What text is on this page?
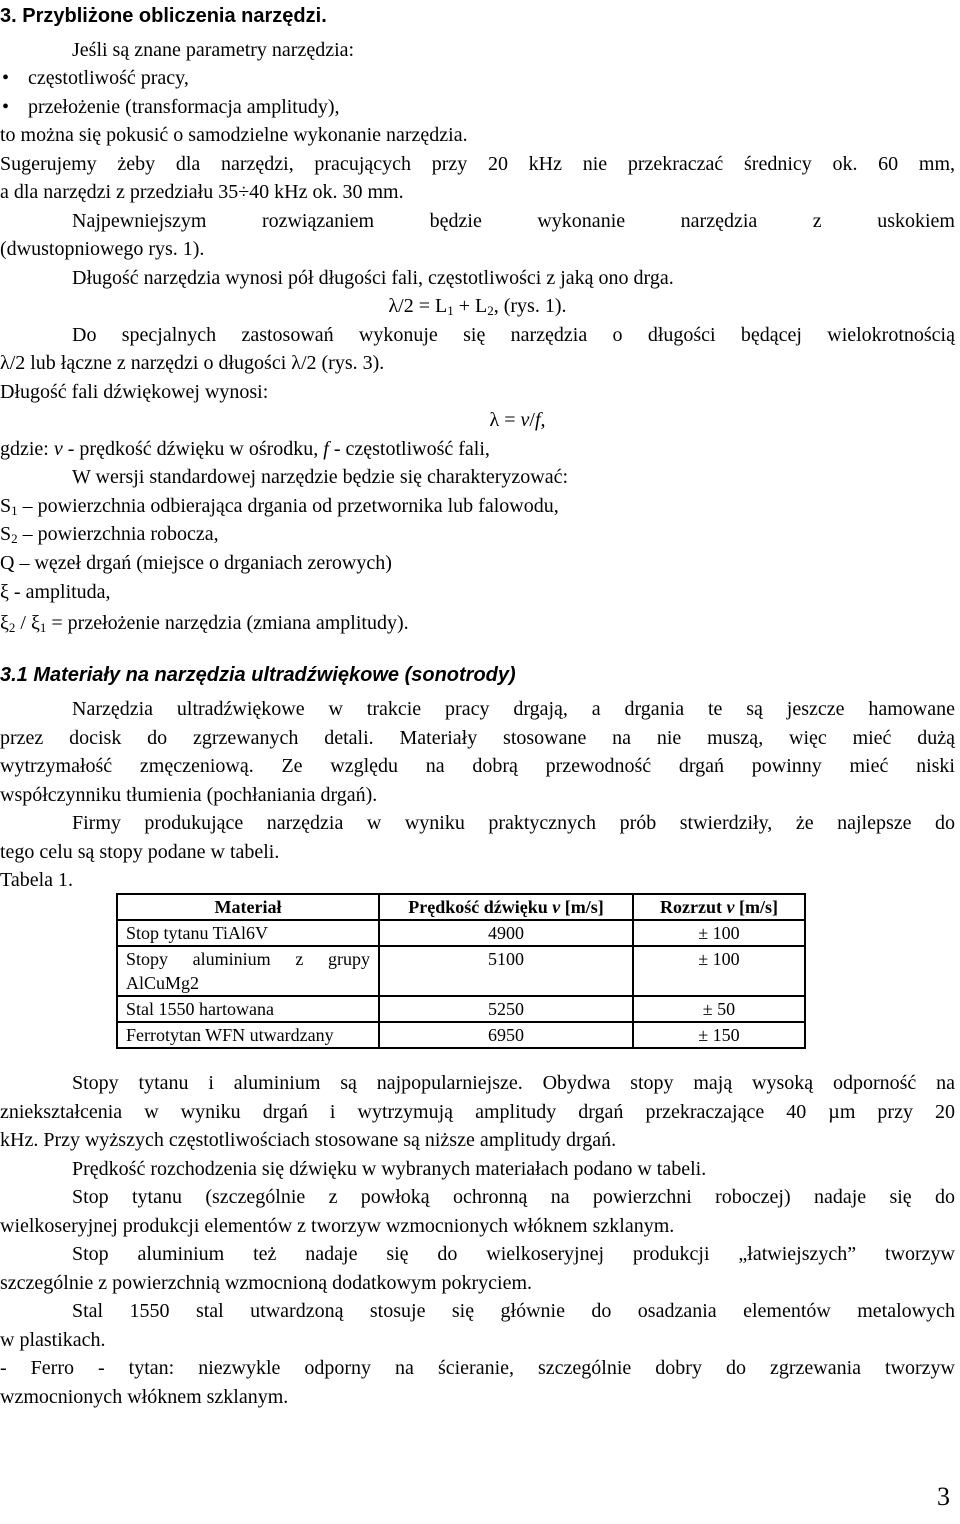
3. Przybliżone obliczenia narzędzi.
Jeśli są znane parametry narzędzia:
• częstotliwość pracy,
• przełożenie (transformacja amplitudy),
to można się pokusić o samodzielne wykonanie narzędzia.
Sugerujemy żeby dla narzędzi, pracujących przy 20 kHz nie przekraczać średnicy ok. 60 mm,
a dla narzędzi z przedziału 35÷40 kHz ok. 30 mm.
Najpewniejszym rozwiązaniem będzie wykonanie narzędzia z uskokiem
(dwustopniowego rys. 1).
Długość narzędzia wynosi pół długości fali, częstotliwości z jaką ono drga.
$\lambda/2 = L_1 + L_2$, (rys. 1).
Do specjalnych zastosowań wykonuje się narzędzia o długości będącej wielokrotnością
λ/2 lub łączne z narzędzi o długości λ/2 (rys. 3).
Długość fali dźwiękowej wynosi:
λ = v/f,
gdzie: v - prędkość dźwięku w ośrodku, f - częstotliwość fali,
W wersji standardowej narzędzie będzie się charakteryzować:
$S_1$ – powierzchnia odbierająca drgania od przetwornika lub falowodu,
$S_2$ – powierzchnia robocza,
Q – węzeł drgań (miejsce o drganiach zerowych)
ξ - amplituda,
$\xi_2 / \xi_1$ = przełożenie narzędzia (zmiana amplitudy).
3.1 Materiały na narzędzia ultradźwiękowe (sonotrody)
Narzędzia ultradźwiękowe w trakcie pracy drgają, a drgania te są jeszcze hamowane
przez docisk do zgrzewanych detali. Materiały stosowane na nie muszą, więc mieć dużą
wytrzymałość zmęczeniową. Ze względu na dobrą przewodność drgań powinny mieć niski
współczynniku tłumienia (pochłaniania drgań).
Firmy produkujące narzędzia w wyniku praktycznych prób stwierdziły, że najlepsze do
tego celu są stopy podane w tabeli.
Tabela 1.
Materiał	Prędkość dźwięku v [m/s]	Rozrzut v [m/s]
Stop tytanu TiAl6V	4900	± 100
Stopy aluminium z grupy AlCuMg2	5100	± 100
Stal 1550 hartowana	5250	± 50
Ferrotytan WFN utwardzany	6950	± 150
Stopy tytanu i aluminium są najpopularniejsze. Obydwa stopy mają wysoką odporność na
zniekształcenia w wyniku drgań i wytrzymują amplitudy drgań przekraczające 40 µm przy 20
kHz. Przy wyższych częstotliwościach stosowane są niższe amplitudy drgań.
Prędkość rozchodzenia się dźwięku w wybranych materiałach podano w tabeli.
Stop tytanu (szczególnie z powłoką ochronną na powierzchni roboczej) nadaje się do
wielkoseryjnej produkcji elementów z tworzyw wzmocnionych włóknem szklanym.
Stop aluminium też nadaje się do wielkoseryjnej produkcji „łatwiejszych” tworzyw
szczególnie z powierzchnią wzmocnioną dodatkowym pokryciem.
Stal 1550 stal utwardzoną stosuje się głównie do osadzania elementów metalowych
w plastikach.
- Ferro - tytan: niezwykle odporny na ścieranie, szczególnie dobry do zgrzewania tworzyw
wzmocnionych włóknem szklanym.
3
